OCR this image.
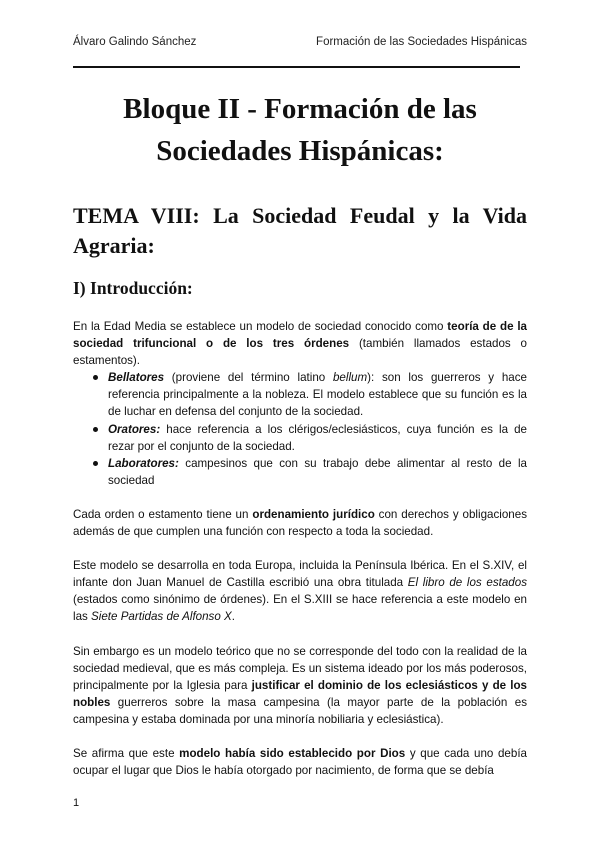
Álvaro Galindo Sánchez	Formación de las Sociedades Hispánicas
Bloque II - Formación de las
Sociedades Hispánicas:
TEMA VIII: La Sociedad Feudal y la Vida Agraria:
I) Introducción:

En la Edad Media se establece un modelo de sociedad conocido como teoría de de la sociedad trifuncional o de los tres órdenes (también llamados estados o estamentos).

Bellatores (proviene del término latino bellum): son los guerreros y hace referencia principalmente a la nobleza. El modelo establece que su función es la de luchar en defensa del conjunto de la sociedad.
Oratores: hace referencia a los clérigos/eclesiásticos, cuya función es la de rezar por el conjunto de la sociedad.
Laboratores: campesinos que con su trabajo debe alimentar al resto de la sociedad

Cada orden o estamento tiene un ordenamiento jurídico con derechos y obligaciones además de que cumplen una función con respecto a toda la sociedad.

Este modelo se desarrolla en toda Europa, incluida la Península Ibérica. En el S.XIV, el infante don Juan Manuel de Castilla escribió una obra titulada El libro de los estados (estados como sinónimo de órdenes). En el S.XIII se hace referencia a este modelo en las Siete Partidas de Alfonso X.

Sin embargo es un modelo teórico que no se corresponde del todo con la realidad de la sociedad medieval, que es más compleja. Es un sistema ideado por los más poderosos, principalmente por la Iglesia para justificar el dominio de los eclesiásticos y de los nobles guerreros sobre la masa campesina (la mayor parte de la población es campesina y estaba dominada por una minoría nobiliaria y eclesiástica).

Se afirma que este modelo había sido establecido por Dios y que cada uno debía ocupar el lugar que Dios le había otorgado por nacimiento, de forma que se debía

1
